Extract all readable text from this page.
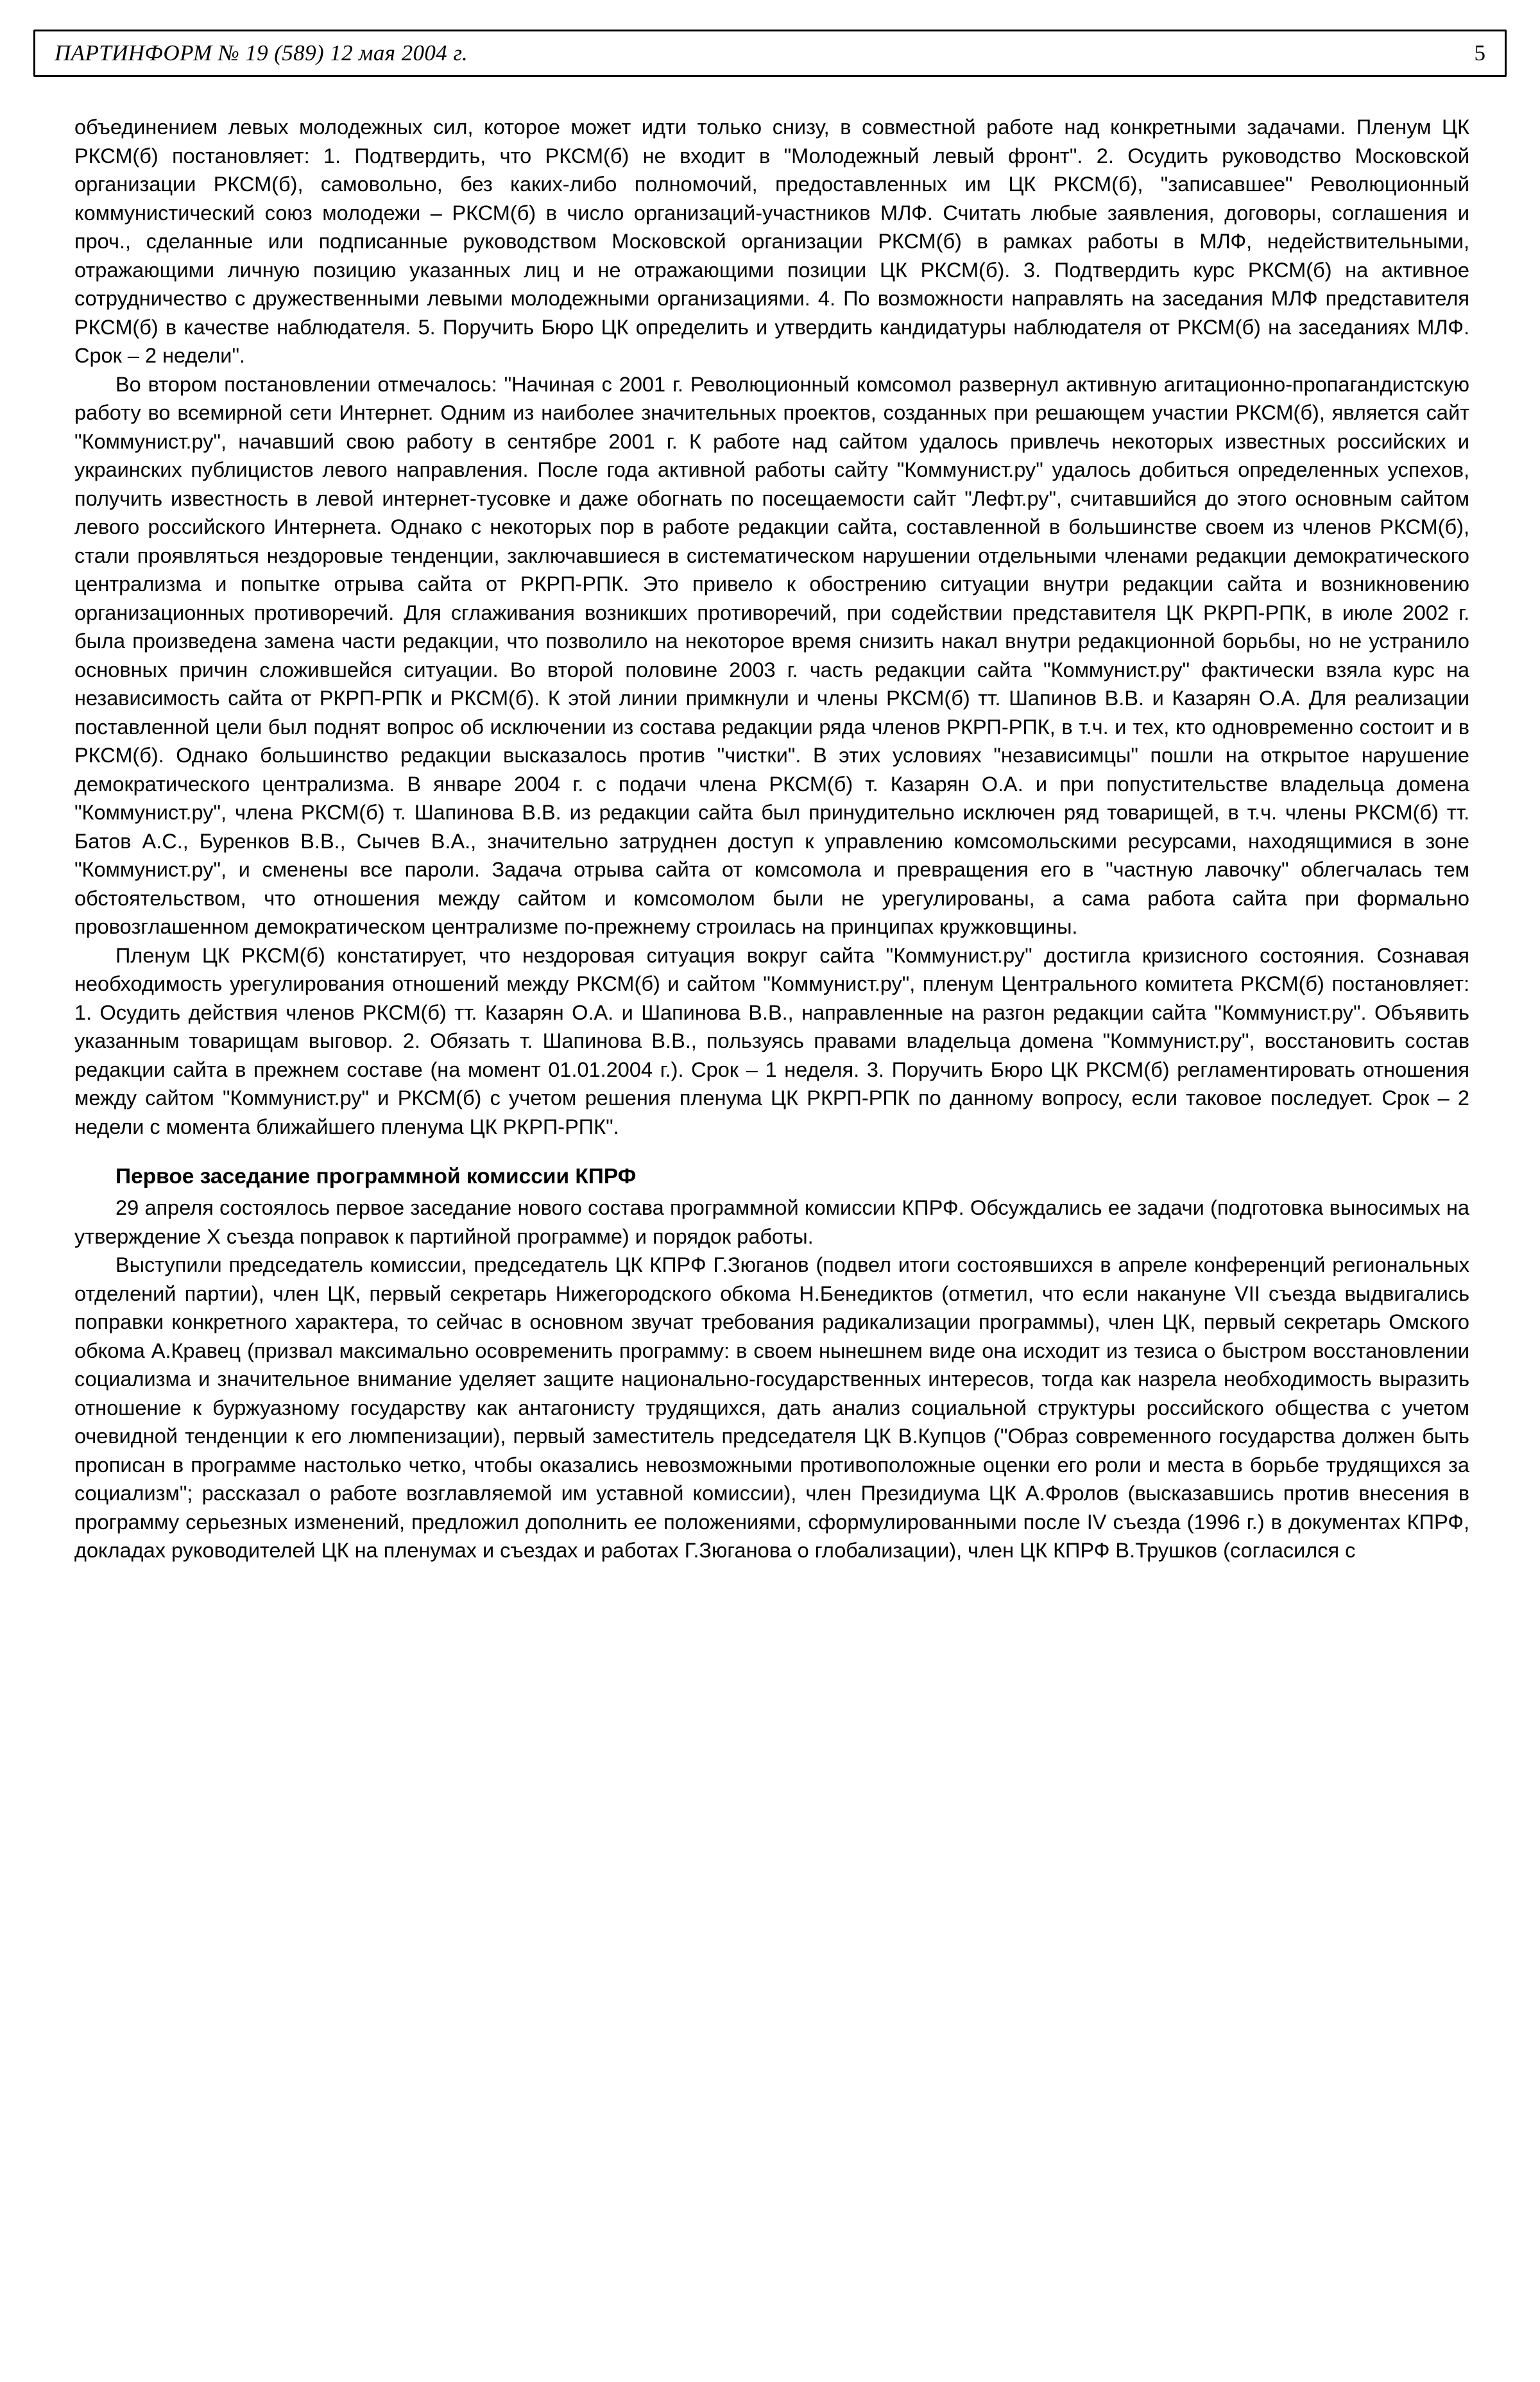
ПАРТИНФОРМ № 19 (589) 12 мая 2004 г.	5

объединением левых молодежных сил, которое может идти только снизу, в совместной работе над конкретными задачами. Пленум ЦК РКСМ(б) постановляет: 1. Подтвердить, что РКСМ(б) не входит в "Молодежный левый фронт". 2. Осудить руководство Московской организации РКСМ(б), самовольно, без каких-либо полномочий, предоставленных им ЦК РКСМ(б), "записавшее" Революционный коммунистический союз молодежи – РКСМ(б) в число организаций-участников МЛФ. Считать любые заявления, договоры, соглашения и проч., сделанные или подписанные руководством Московской организации РКСМ(б) в рамках работы в МЛФ, недействительными, отражающими личную позицию указанных лиц и не отражающими позиции ЦК РКСМ(б). 3. Подтвердить курс РКСМ(б) на активное сотрудничество с дружественными левыми молодежными организациями. 4. По возможности направлять на заседания МЛФ представителя РКСМ(б) в качестве наблюдателя. 5. Поручить Бюро ЦК определить и утвердить кандидатуры наблюдателя от РКСМ(б) на заседаниях МЛФ. Срок – 2 недели".

Во втором постановлении отмечалось: "Начиная с 2001 г. Революционный комсомол развернул активную агитационно-пропагандистскую работу во всемирной сети Интернет. Одним из наиболее значительных проектов, созданных при решающем участии РКСМ(б), является сайт "Коммунист.ру", начавший свою работу в сентябре 2001 г. К работе над сайтом удалось привлечь некоторых известных российских и украинских публицистов левого направления. После года активной работы сайту "Коммунист.ру" удалось добиться определенных успехов, получить известность в левой интернет-тусовке и даже обогнать по посещаемости сайт "Лефт.ру", считавшийся до этого основным сайтом левого российского Интернета. Однако с некоторых пор в работе редакции сайта, составленной в большинстве своем из членов РКСМ(б), стали проявляться нездоровые тенденции, заключавшиеся в систематическом нарушении отдельными членами редакции демократического централизма и попытке отрыва сайта от РКРП-РПК. Это привело к обострению ситуации внутри редакции сайта и возникновению организационных противоречий. Для сглаживания возникших противоречий, при содействии представителя ЦК РКРП-РПК, в июле 2002 г. была произведена замена части редакции, что позволило на некоторое время снизить накал внутри редакционной борьбы, но не устранило основных причин сложившейся ситуации. Во второй половине 2003 г. часть редакции сайта "Коммунист.ру" фактически взяла курс на независимость сайта от РКРП-РПК и РКСМ(б). К этой линии примкнули и члены РКСМ(б) тт. Шапинов В.В. и Казарян О.А. Для реализации поставленной цели был поднят вопрос об исключении из состава редакции ряда членов РКРП-РПК, в т.ч. и тех, кто одновременно состоит и в РКСМ(б). Однако большинство редакции высказалось против "чистки". В этих условиях "независимцы" пошли на открытое нарушение демократического централизма. В январе 2004 г. с подачи члена РКСМ(б) т. Казарян О.А. и при попустительстве владельца домена "Коммунист.ру", члена РКСМ(б) т. Шапинова В.В. из редакции сайта был принудительно исключен ряд товарищей, в т.ч. члены РКСМ(б) тт. Батов А.С., Буренков В.В., Сычев В.А., значительно затруднен доступ к управлению комсомольскими ресурсами, находящимися в зоне "Коммунист.ру", и сменены все пароли. Задача отрыва сайта от комсомола и превращения его в "частную лавочку" облегчалась тем обстоятельством, что отношения между сайтом и комсомолом были не урегулированы, а сама работа сайта при формально провозглашенном демократическом централизме по-прежнему строилась на принципах кружковщины.

Пленум ЦК РКСМ(б) констатирует, что нездоровая ситуация вокруг сайта "Коммунист.ру" достигла кризисного состояния. Сознавая необходимость урегулирования отношений между РКСМ(б) и сайтом "Коммунист.ру", пленум Центрального комитета РКСМ(б) постановляет: 1. Осудить действия членов РКСМ(б) тт. Казарян О.А. и Шапинова В.В., направленные на разгон редакции сайта "Коммунист.ру". Объявить указанным товарищам выговор. 2. Обязать т. Шапинова В.В., пользуясь правами владельца домена "Коммунист.ру", восстановить состав редакции сайта в прежнем составе (на момент 01.01.2004 г.). Срок – 1 неделя. 3. Поручить Бюро ЦК РКСМ(б) регламентировать отношения между сайтом "Коммунист.ру" и РКСМ(б) с учетом решения пленума ЦК РКРП-РПК по данному вопросу, если таковое последует. Срок – 2 недели с момента ближайшего пленума ЦК РКРП-РПК".

Первое заседание программной комиссии КПРФ

29 апреля состоялось первое заседание нового состава программной комиссии КПРФ. Обсуждались ее задачи (подготовка выносимых на утверждение X съезда поправок к партийной программе) и порядок работы.

Выступили председатель комиссии, председатель ЦК КПРФ Г.Зюганов (подвел итоги состоявшихся в апреле конференций региональных отделений партии), член ЦК, первый секретарь Нижегородского обкома Н.Бенедиктов (отметил, что если накануне VII съезда выдвигались поправки конкретного характера, то сейчас в основном звучат требования радикализации программы), член ЦК, первый секретарь Омского обкома А.Кравец (призвал максимально осовременить программу: в своем нынешнем виде она исходит из тезиса о быстром восстановлении социализма и значительное внимание уделяет защите национально-государственных интересов, тогда как назрела необходимость выразить отношение к буржуазному государству как антагонисту трудящихся, дать анализ социальной структуры российского общества с учетом очевидной тенденции к его люмпенизации), первый заместитель председателя ЦК В.Купцов ("Образ современного государства должен быть прописан в программе настолько четко, чтобы оказались невозможными противоположные оценки его роли и места в борьбе трудящихся за социализм"; рассказал о работе возглавляемой им уставной комиссии), член Президиума ЦК А.Фролов (высказавшись против внесения в программу серьезных изменений, предложил дополнить ее положениями, сформулированными после IV съезда (1996 г.) в документах КПРФ, докладах руководителей ЦК на пленумах и съездах и работах Г.Зюганова о глобализации), член ЦК КПРФ В.Трушков (согласился с
